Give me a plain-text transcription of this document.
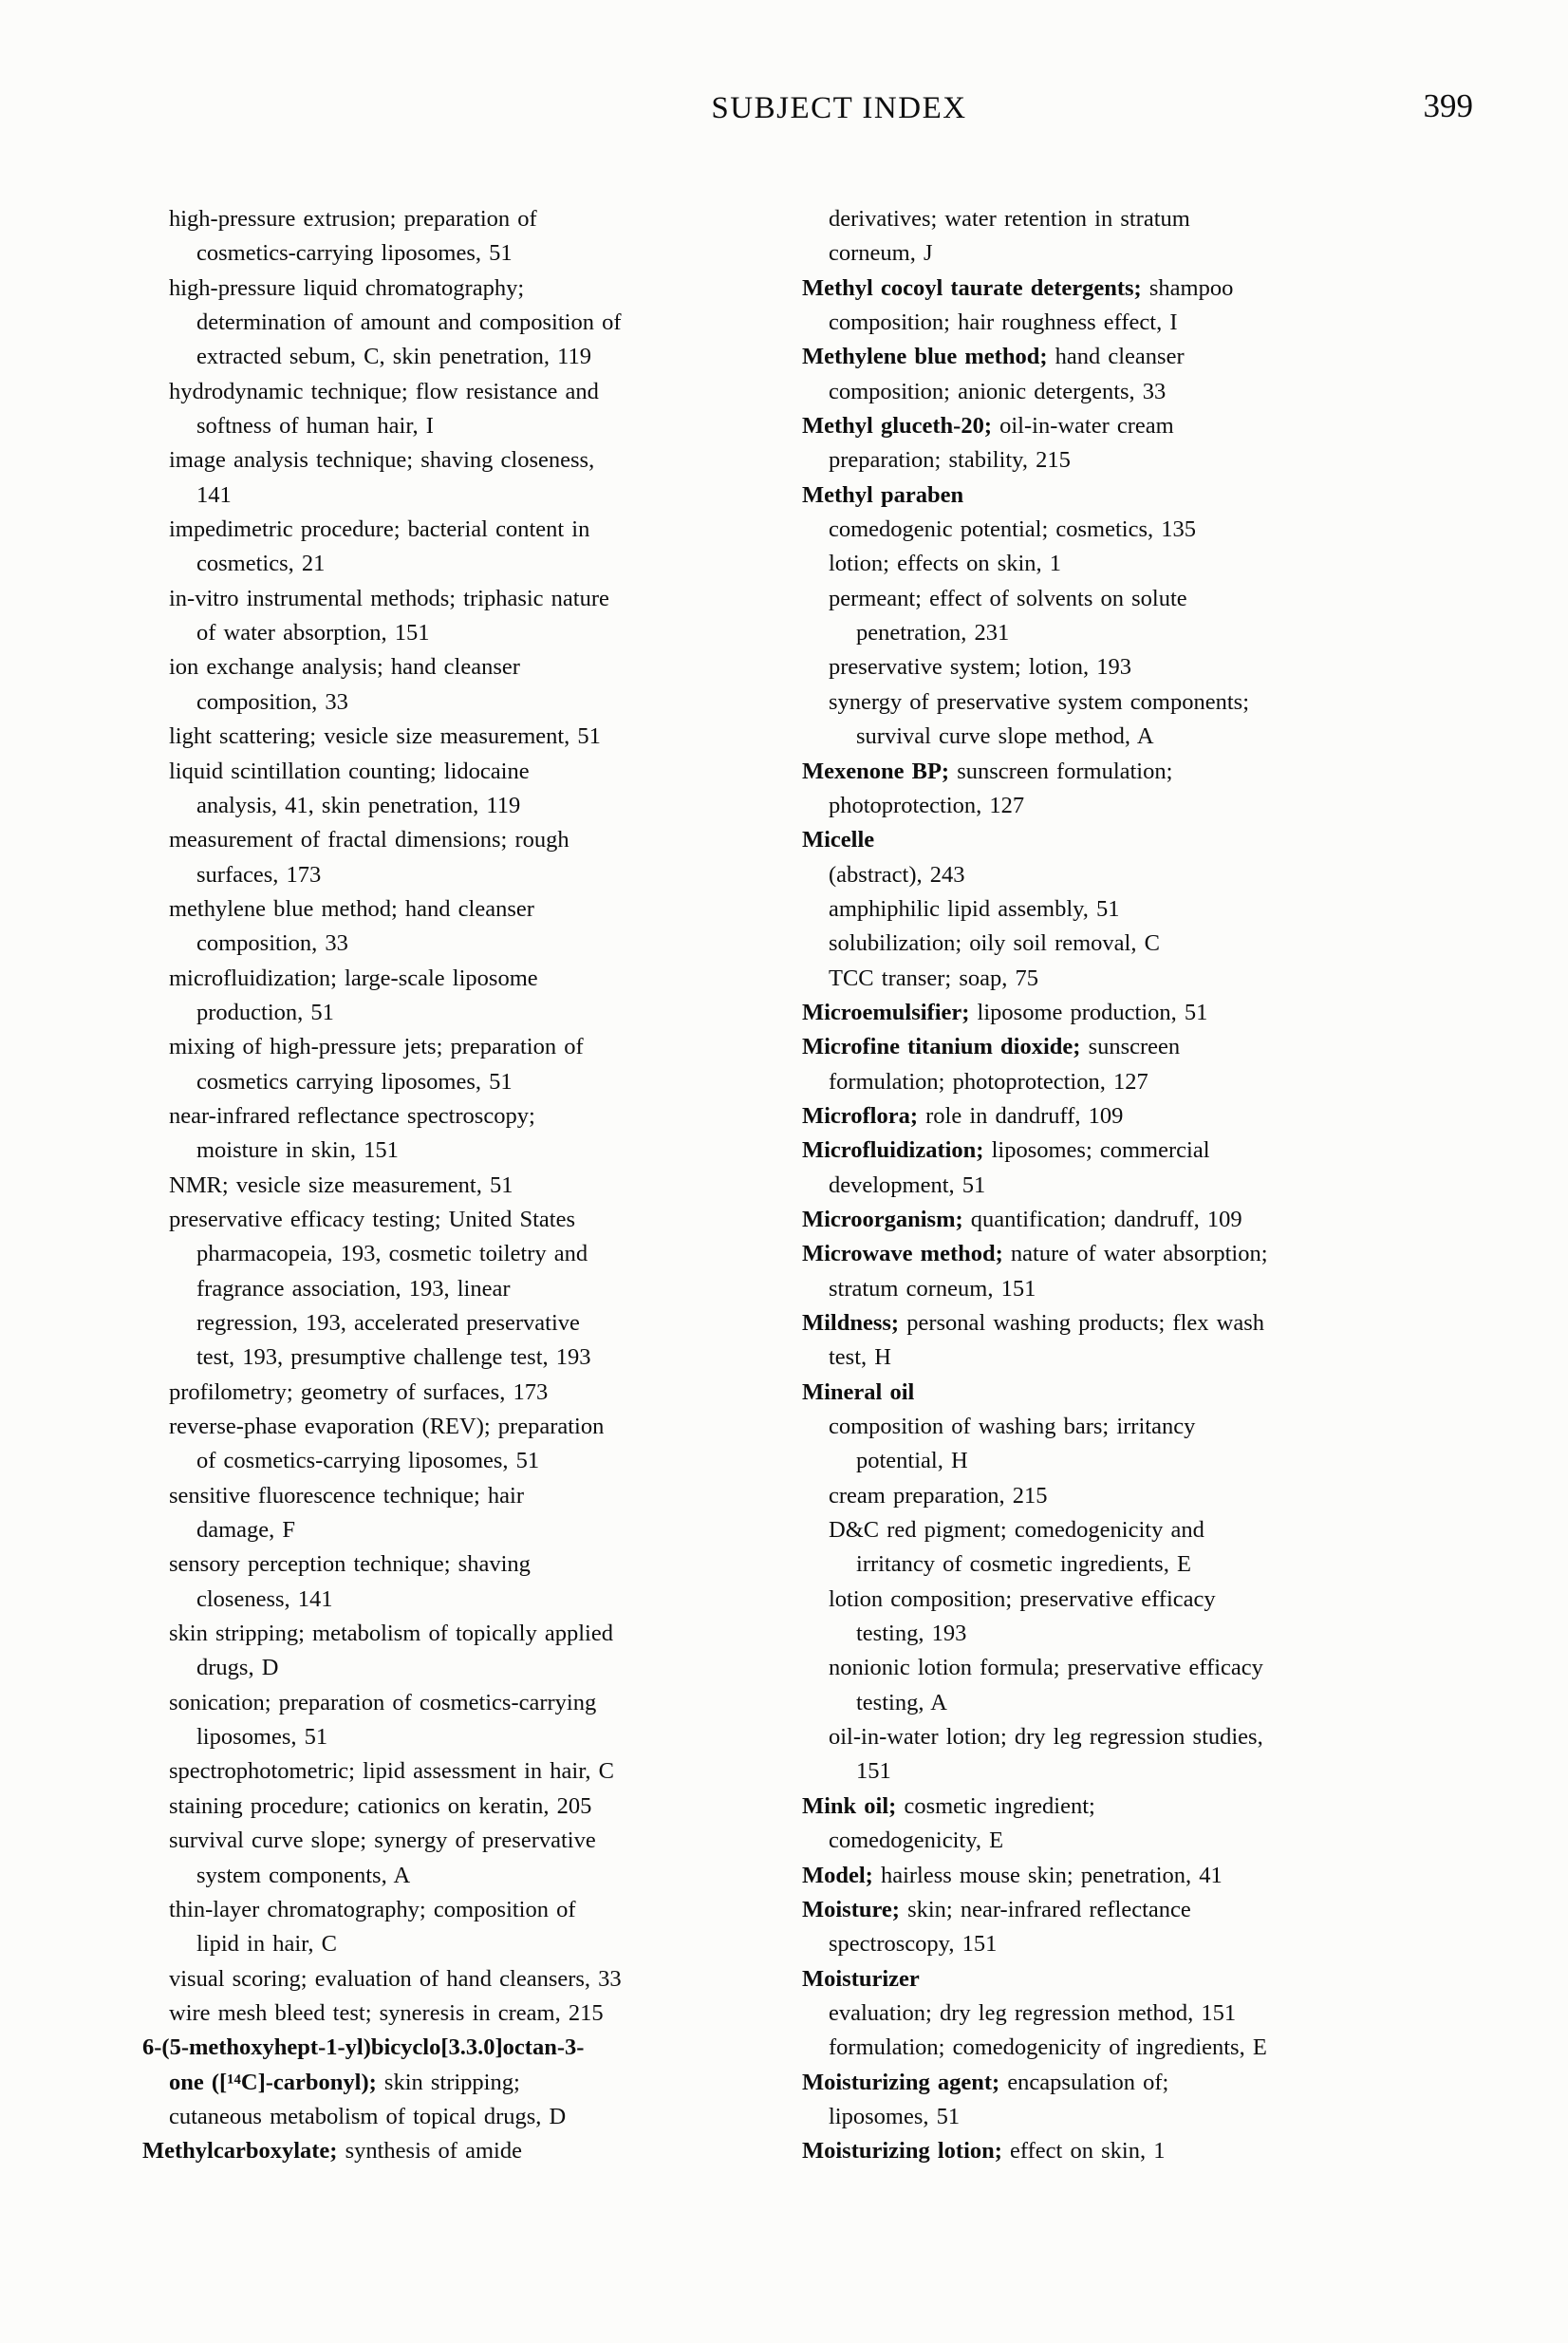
SUBJECT INDEX	399
high-pressure extrusion; preparation of
cosmetics-carrying liposomes, 51
high-pressure liquid chromatography;
determination of amount and composition of
extracted sebum, C, skin penetration, 119
hydrodynamic technique; flow resistance and
softness of human hair, I
image analysis technique; shaving closeness,
141
impedimetric procedure; bacterial content in
cosmetics, 21
in-vitro instrumental methods; triphasic nature
of water absorption, 151
ion exchange analysis; hand cleanser
composition, 33
light scattering; vesicle size measurement, 51
liquid scintillation counting; lidocaine
analysis, 41, skin penetration, 119
measurement of fractal dimensions; rough
surfaces, 173
methylene blue method; hand cleanser
composition, 33
microfluidization; large-scale liposome
production, 51
mixing of high-pressure jets; preparation of
cosmetics carrying liposomes, 51
near-infrared reflectance spectroscopy;
moisture in skin, 151
NMR; vesicle size measurement, 51
preservative efficacy testing; United States
pharmacopeia, 193, cosmetic toiletry and
fragrance association, 193, linear
regression, 193, accelerated preservative
test, 193, presumptive challenge test, 193
profilometry; geometry of surfaces, 173
reverse-phase evaporation (REV); preparation
of cosmetics-carrying liposomes, 51
sensitive fluorescence technique; hair
damage, F
sensory perception technique; shaving
closeness, 141
skin stripping; metabolism of topically applied
drugs, D
sonication; preparation of cosmetics-carrying
liposomes, 51
spectrophotometric; lipid assessment in hair, C
staining procedure; cationics on keratin, 205
survival curve slope; synergy of preservative
system components, A
thin-layer chromatography; composition of
lipid in hair, C
visual scoring; evaluation of hand cleansers, 33
wire mesh bleed test; syneresis in cream, 215
6-(5-methoxyhept-1-yl)bicyclo[3.3.0]octan-3-
one ([¹⁴C]-carbonyl); skin stripping;
cutaneous metabolism of topical drugs, D
Methylcarboxylate; synthesis of amide
derivatives; water retention in stratum
corneum, J
Methyl cocoyl taurate detergents; shampoo
composition; hair roughness effect, I
Methylene blue method; hand cleanser
composition; anionic detergents, 33
Methyl gluceth-20; oil-in-water cream
preparation; stability, 215
Methyl paraben
comedogenic potential; cosmetics, 135
lotion; effects on skin, 1
permeant; effect of solvents on solute
penetration, 231
preservative system; lotion, 193
synergy of preservative system components;
survival curve slope method, A
Mexenone BP; sunscreen formulation;
photoprotection, 127
Micelle
(abstract), 243
amphiphilic lipid assembly, 51
solubilization; oily soil removal, C
TCC transer; soap, 75
Microemulsifier; liposome production, 51
Microfine titanium dioxide; sunscreen
formulation; photoprotection, 127
Microflora; role in dandruff, 109
Microfluidization; liposomes; commercial
development, 51
Microorganism; quantification; dandruff, 109
Microwave method; nature of water absorption;
stratum corneum, 151
Mildness; personal washing products; flex wash
test, H
Mineral oil
composition of washing bars; irritancy
potential, H
cream preparation, 215
D&C red pigment; comedogenicity and
irritancy of cosmetic ingredients, E
lotion composition; preservative efficacy
testing, 193
nonionic lotion formula; preservative efficacy
testing, A
oil-in-water lotion; dry leg regression studies,
151
Mink oil; cosmetic ingredient;
comedogenicity, E
Model; hairless mouse skin; penetration, 41
Moisture; skin; near-infrared reflectance
spectroscopy, 151
Moisturizer
evaluation; dry leg regression method, 151
formulation; comedogenicity of ingredients, E
Moisturizing agent; encapsulation of;
liposomes, 51
Moisturizing lotion; effect on skin, 1
